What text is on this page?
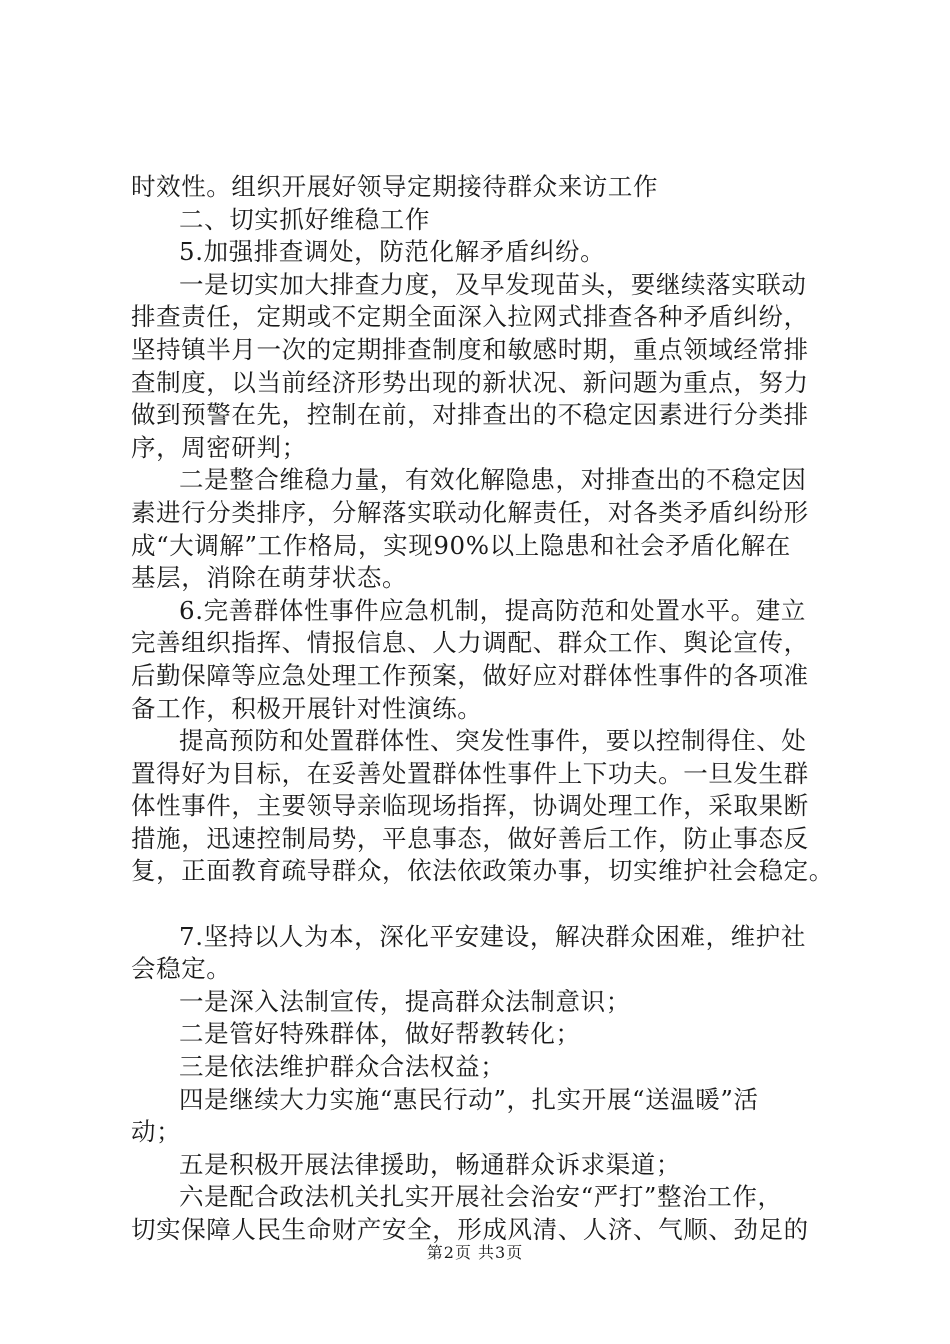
时效性。组织开展好领导定期接待群众来访工作
二、切实抓好维稳工作
5.加强排查调处，防范化解矛盾纠纷。
一是切实加大排查力度，及早发现苗头，要继续落实联动
排查责任，定期或不定期全面深入拉网式排查各种矛盾纠纷，
坚持镇半月一次的定期排查制度和敏感时期，重点领域经常排
查制度，以当前经济形势出现的新状况、新问题为重点，努力
做到预警在先，控制在前，对排查出的不稳定因素进行分类排
序，周密研判；
二是整合维稳力量，有效化解隐患，对排查出的不稳定因
素进行分类排序，分解落实联动化解责任，对各类矛盾纠纷形
成“大调解”工作格局，实现90%以上隐患和社会矛盾化解在
基层，消除在萌芽状态。
6.完善群体性事件应急机制，提高防范和处置水平。建立
完善组织指挥、情报信息、人力调配、群众工作、舆论宣传，
后勤保障等应急处理工作预案，做好应对群体性事件的各项准
备工作，积极开展针对性演练。
提高预防和处置群体性、突发性事件，要以控制得住、处
置得好为目标，在妥善处置群体性事件上下功夫。一旦发生群
体性事件，主要领导亲临现场指挥，协调处理工作，采取果断
措施，迅速控制局势，平息事态，做好善后工作，防止事态反
复，正面教育疏导群众，依法依政策办事，切实维护社会稳定。
7.坚持以人为本，深化平安建设，解决群众困难，维护社
会稳定。
一是深入法制宣传，提高群众法制意识；
二是管好特殊群体，做好帮教转化；
三是依法维护群众合法权益；
四是继续大力实施“惠民行动”，扎实开展“送温暖”活
动；
五是积极开展法律援助，畅通群众诉求渠道；
六是配合政法机关扎实开展社会治安“严打”整治工作，
切实保障人民生命财产安全，形成风清、人济、气顺、劲足的
第2页 共3页
